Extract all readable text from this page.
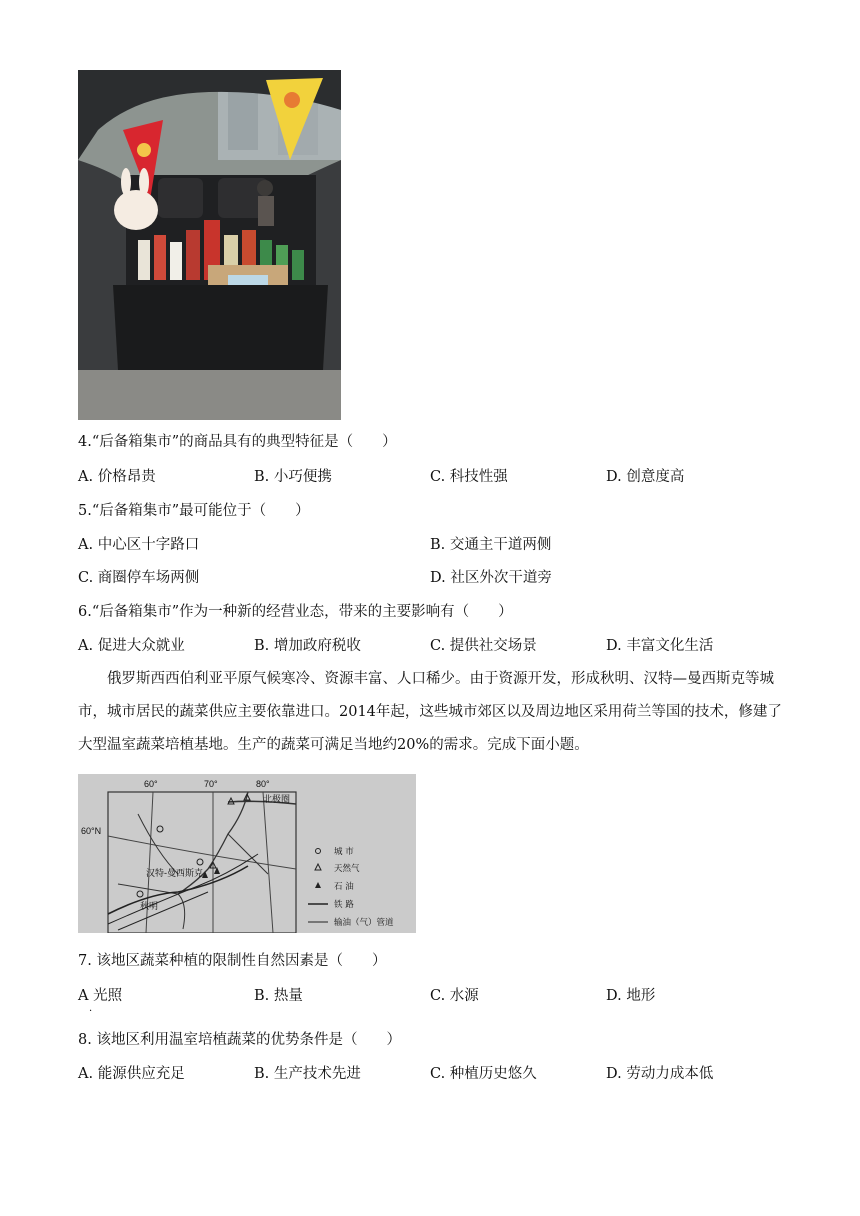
4.“后备箱集市”的商品具有的典型特征是（　　）
A. 价格昂贵	B. 小巧便携	C. 科技性强	D. 创意度高
5.“后备箱集市”最可能位于（　　）
A. 中心区十字路口	B. 交通主干道两侧
C. 商圈停车场两侧	D. 社区外次干道旁
6.“后备箱集市”作为一种新的经营业态，带来的主要影响有（　　）
A. 促进大众就业	B. 增加政府税收	C. 提供社交场景	D. 丰富文化生活
俄罗斯西西伯利亚平原气候寒冷、资源丰富、人口稀少。由于资源开发，形成秋明、汉特—曼西斯克等城市，城市居民的蔬菜供应主要依靠进口。2014年起，这些城市郊区以及周边地区采用荷兰等国的技术，修建了大型温室蔬菜培植基地。生产的蔬菜可满足当地约20%的需求。完成下面小题。
60°	70°	80°
60°N
北极圈
汉特-曼西斯克
秋明
城 市
天然气
石 油
铁 路
输油（气）管道
7. 该地区蔬菜种植的限制性自然因素是（　　）
A 光照	B. 热量	C. 水源	D. 地形
·
8. 该地区利用温室培植蔬菜的优势条件是（　　）
A. 能源供应充足	B. 生产技术先进	C. 种植历史悠久	D. 劳动力成本低
